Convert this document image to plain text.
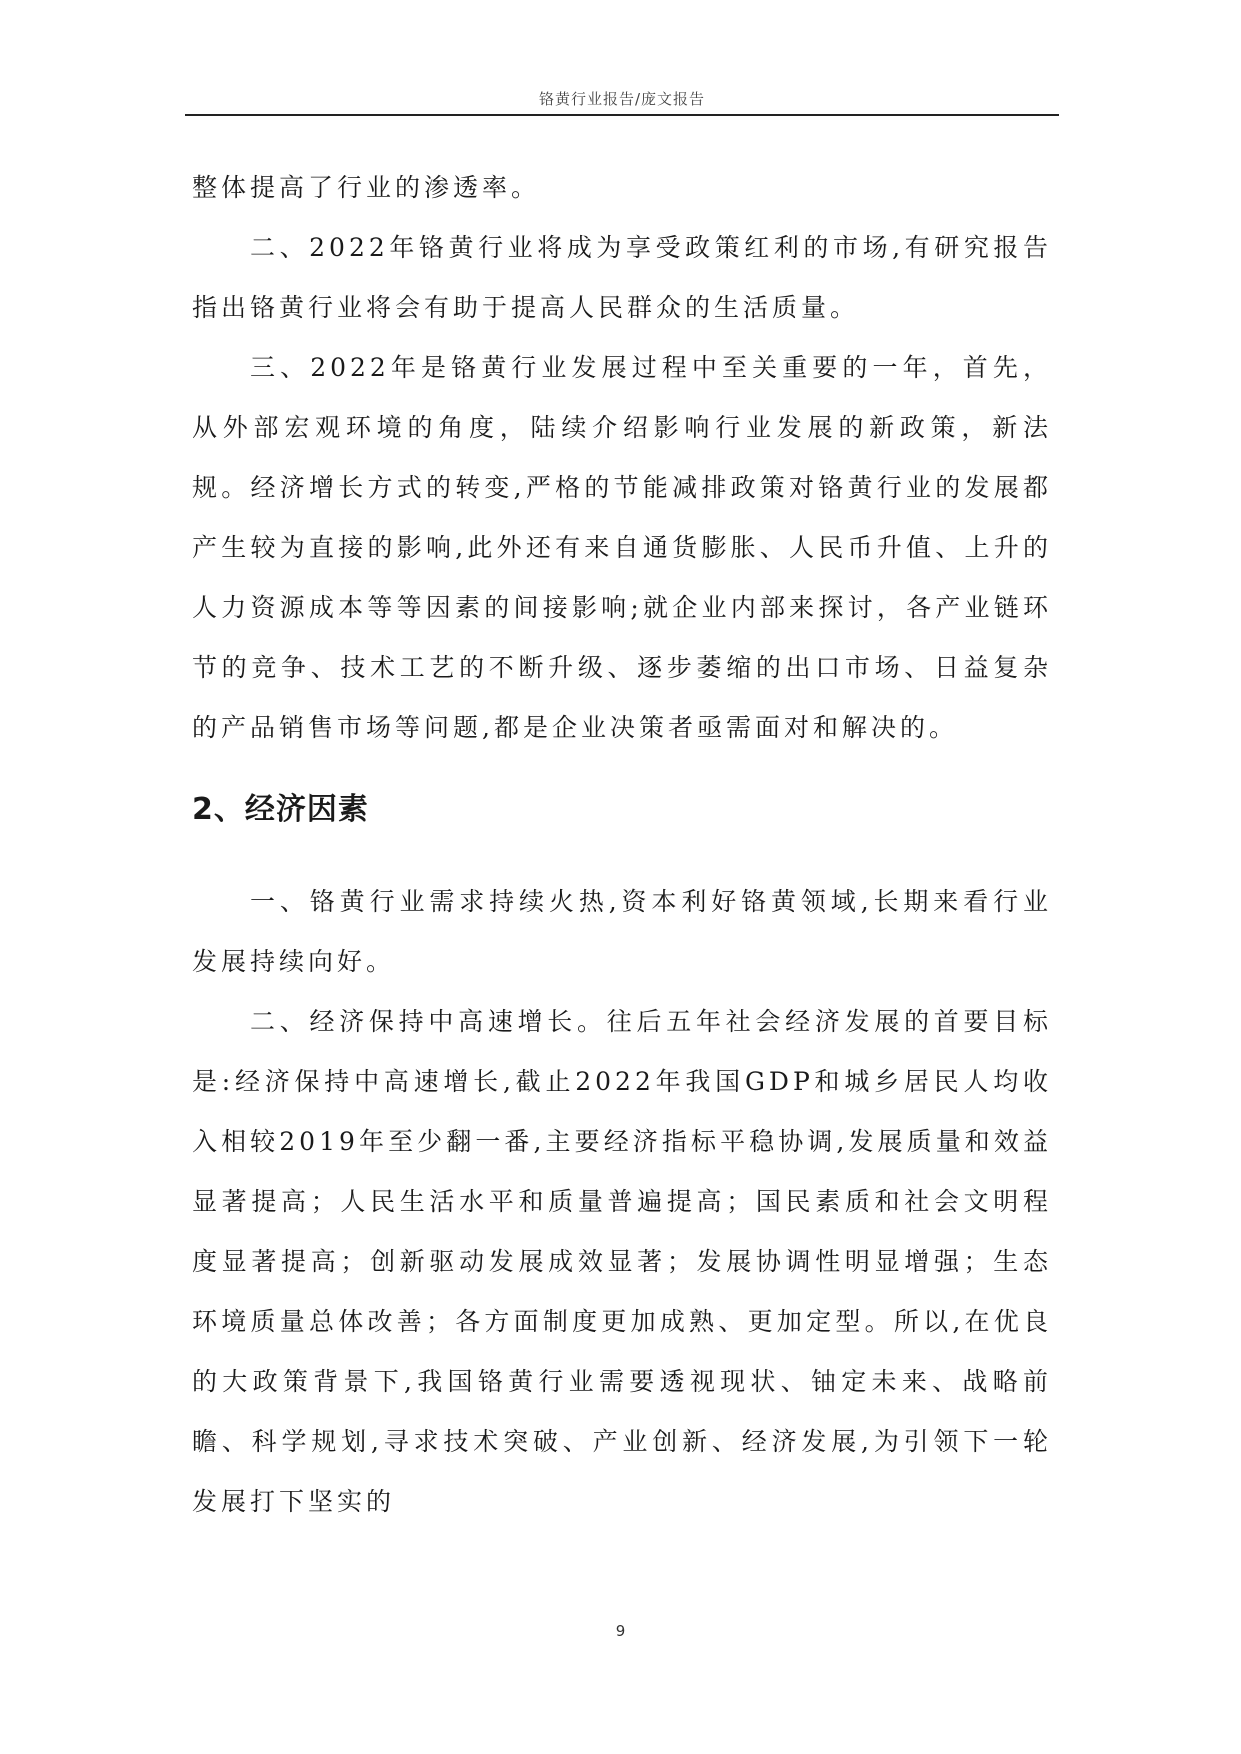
铬黄行业报告/庞文报告

整体提高了行业的渗透率。

二、2022年铬黄行业将成为享受政策红利的市场,有研究报告指出铬黄行业将会有助于提高人民群众的生活质量。

三、2022年是铬黄行业发展过程中至关重要的一年，首先，从外部宏观环境的角度，陆续介绍影响行业发展的新政策，新法规。经济增长方式的转变,严格的节能减排政策对铬黄行业的发展都产生较为直接的影响,此外还有来自通货膨胀、人民币升值、上升的人力资源成本等等因素的间接影响;就企业内部来探讨，各产业链环节的竞争、技术工艺的不断升级、逐步萎缩的出口市场、日益复杂的产品销售市场等问题,都是企业决策者亟需面对和解决的。

2、经济因素

一、铬黄行业需求持续火热,资本利好铬黄领域,长期来看行业发展持续向好。

二、经济保持中高速增长。往后五年社会经济发展的首要目标是:经济保持中高速增长,截止2022年我国GDP和城乡居民人均收入相较2019年至少翻一番,主要经济指标平稳协调,发展质量和效益显著提高；人民生活水平和质量普遍提高；国民素质和社会文明程度显著提高；创新驱动发展成效显著；发展协调性明显增强；生态环境质量总体改善；各方面制度更加成熟、更加定型。所以,在优良的大政策背景下,我国铬黄行业需要透视现状、铀定未来、战略前瞻、科学规划,寻求技术突破、产业创新、经济发展,为引领下一轮发展打下坚实的

9
